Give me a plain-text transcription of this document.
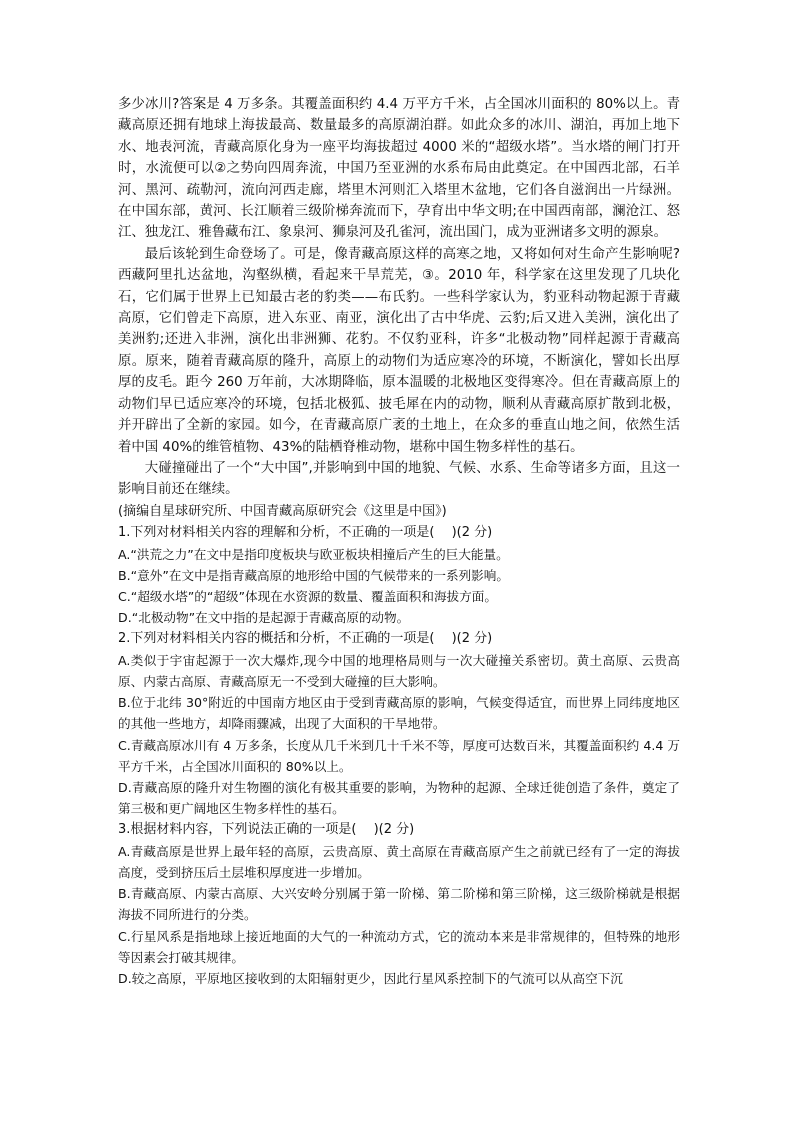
多少冰川?答案是 4 万多条。其覆盖面积约 4.4 万平方千米，占全国冰川面积的 80%以上。青藏高原还拥有地球上海拔最高、数量最多的高原湖泊群。如此众多的冰川、湖泊，再加上地下水、地表河流，青藏高原化身为一座平均海拔超过 4000 米的“超级水塔”。当水塔的闸门打开时，水流便可以②之势向四周奔流，中国乃至亚洲的水系布局由此奠定。在中国西北部，石羊河、黑河、疏勒河，流向河西走廊，塔里木河则汇入塔里木盆地，它们各自滋润出一片绿洲。在中国东部，黄河、长江顺着三级阶梯奔流而下，孕育出中华文明;在中国西南部，澜沧江、怒江、独龙江、雅鲁藏布江、象泉河、狮泉河及孔雀河，流出国门，成为亚洲诸多文明的源泉。

最后该轮到生命登场了。可是，像青藏高原这样的高寒之地，又将如何对生命产生影响呢?西藏阿里扎达盆地，沟壑纵横，看起来干旱荒芜，③。2010 年，科学家在这里发现了几块化石，它们属于世界上已知最古老的豹类——布氏豹。一些科学家认为，豹亚科动物起源于青藏高原，它们曾走下高原，进入东亚、南亚，演化出了古中华虎、云豹;后又进入美洲，演化出了美洲豹;还进入非洲，演化出非洲狮、花豹。不仅豹亚科，许多“北极动物”同样起源于青藏高原。原来，随着青藏高原的隆升，高原上的动物们为适应寒冷的环境，不断演化，譬如长出厚厚的皮毛。距今 260 万年前，大冰期降临，原本温暖的北极地区变得寒冷。但在青藏高原上的动物们早已适应寒冷的环境，包括北极狐、披毛犀在内的动物，顺利从青藏高原扩散到北极，并开辟出了全新的家园。如今，在青藏高原广袤的土地上，在众多的垂直山地之间，依然生活着中国 40%的维管植物、43%的陆栖脊椎动物，堪称中国生物多样性的基石。

大碰撞碰出了一个“大中国”,并影响到中国的地貌、气候、水系、生命等诸多方面，且这一影响目前还在继续。

(摘编自星球研究所、中国青藏高原研究会《这里是中国》)

1.下列对材料相关内容的理解和分析，不正确的一项是(　 )(2 分)

A.“洪荒之力”在文中是指印度板块与欧亚板块相撞后产生的巨大能量。

B.“意外”在文中是指青藏高原的地形给中国的气候带来的一系列影响。

C.“超级水塔”的“超级”体现在水资源的数量、覆盖面积和海拔方面。

D.“北极动物”在文中指的是起源于青藏高原的动物。

2.下列对材料相关内容的概括和分析，不正确的一项是(　 )(2 分)

A.类似于宇宙起源于一次大爆炸,现今中国的地理格局则与一次大碰撞关系密切。黄土高原、云贵高原、内蒙古高原、青藏高原无一不受到大碰撞的巨大影响。

B.位于北纬 30°附近的中国南方地区由于受到青藏高原的影响，气候变得适宜，而世界上同纬度地区的其他一些地方，却降雨骤减，出现了大面积的干旱地带。

C.青藏高原冰川有 4 万多条，长度从几千米到几十千米不等，厚度可达数百米，其覆盖面积约 4.4 万平方千米，占全国冰川面积的 80%以上。

D.青藏高原的隆升对生物圈的演化有极其重要的影响，为物种的起源、全球迁徙创造了条件，奠定了第三极和更广阔地区生物多样性的基石。

3.根据材料内容，下列说法正确的一项是(　 )(2 分)

A.青藏高原是世界上最年轻的高原，云贵高原、黄土高原在青藏高原产生之前就已经有了一定的海拔高度，受到挤压后土层堆积厚度进一步增加。

B.青藏高原、内蒙古高原、大兴安岭分别属于第一阶梯、第二阶梯和第三阶梯，这三级阶梯就是根据海拔不同所进行的分类。

C.行星风系是指地球上接近地面的大气的一种流动方式，它的流动本来是非常规律的，但特殊的地形等因素会打破其规律。

D.较之高原，平原地区接收到的太阳辐射更少，因此行星风系控制下的气流可以从高空下沉
